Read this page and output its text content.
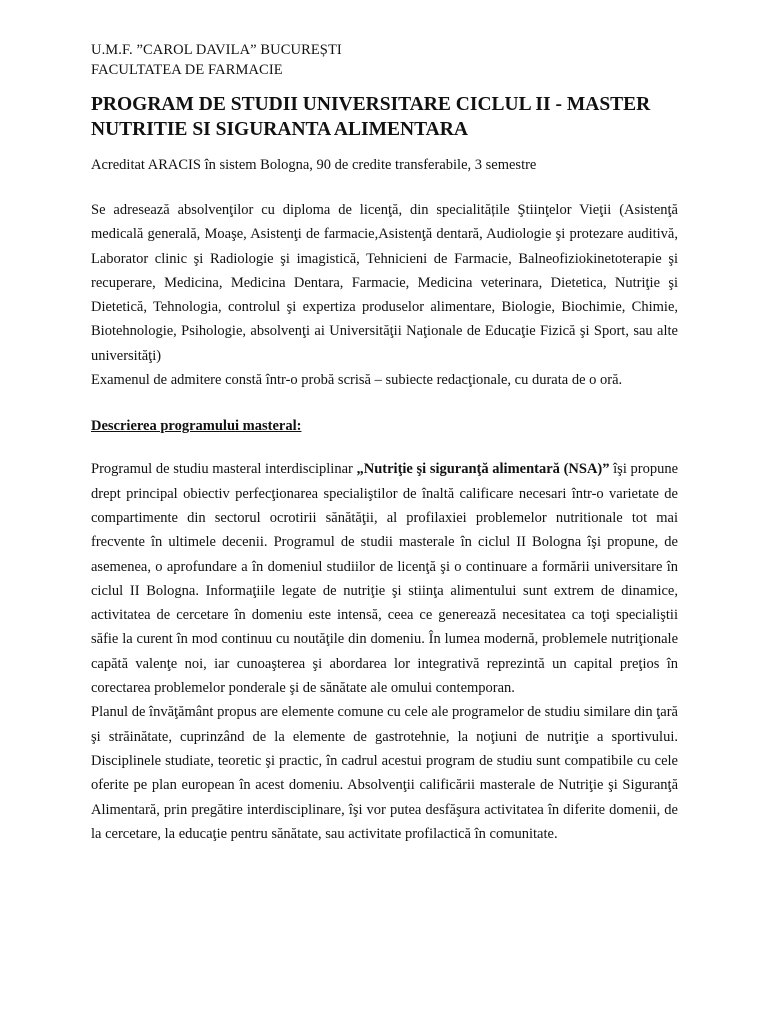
U.M.F. ”CAROL DAVILA” BUCUREȘTI
FACULTATEA DE FARMACIE
PROGRAM DE STUDII UNIVERSITARE CICLUL II - MASTER
NUTRITIE SI SIGURANTA ALIMENTARA
Acreditat ARACIS în sistem Bologna, 90 de credite transferabile, 3 semestre

Se adresează absolvenţilor cu diploma de licenţă, din specialitățile Ştiinţelor Vieţii (Asistenţă medicală generală, Moaşe, Asistenţi de farmacie,Asistenţă dentară, Audiologie şi protezare auditivă, Laborator clinic şi Radiologie şi imagistică, Tehnicieni de Farmacie, Balneofiziokinetoterapie şi recuperare, Medicina, Medicina Dentara, Farmacie, Medicina veterinara, Dietetica, Nutriţie şi Dietetică, Tehnologia, controlul şi expertiza produselor alimentare, Biologie, Biochimie, Chimie, Biotehnologie, Psihologie, absolvenţi ai Universităţii Naţionale de Educaţie Fizică şi Sport, sau alte universităţi)

Examenul de admitere constă într-o probă scrisă – subiecte redacţionale, cu durata de o oră.

Descrierea programului masteral:

Programul de studiu masteral interdisciplinar „Nutriţie şi siguranţă alimentară (NSA)” îşi propune drept principal obiectiv perfecţionarea specialiştilor de înaltă calificare necesari într-o varietate de compartimente din sectorul ocrotirii sănătăţii, al profilaxiei problemelor nutritionale tot mai frecvente în ultimele decenii. Programul de studii masterale în ciclul II Bologna îşi propune, de asemenea, o aprofundare a în domeniul studiilor de licenţă şi o continuare a formării universitare în ciclul II Bologna. Informaţiile legate de nutriţie şi stiinţa alimentului sunt extrem de dinamice, activitatea de cercetare în domeniu este intensă, ceea ce generează necesitatea ca toţi specialiştii săfie la curent în mod continuu cu noutăţile din domeniu. În lumea modernă, problemele nutriţionale capătă valenţe noi, iar cunoaşterea şi abordarea lor integrativă reprezintă un capital preţios în corectarea problemelor ponderale şi de sănătate ale omului contemporan.

Planul de învăţământ propus are elemente comune cu cele ale programelor de studiu similare din ţară şi străinătate, cuprinzând de la elemente de gastrotehnie, la noţiuni de nutriţie a sportivului. Disciplinele studiate, teoretic şi practic, în cadrul acestui program de studiu sunt compatibile cu cele oferite pe plan european în acest domeniu. Absolvenţii calificării masterale de Nutriţie şi Siguranţă Alimentară, prin pregătire interdisciplinare, îşi vor putea desfăşura activitatea în diferite domenii, de la cercetare, la educaţie pentru sănătate, sau activitate profilactică în comunitate.
